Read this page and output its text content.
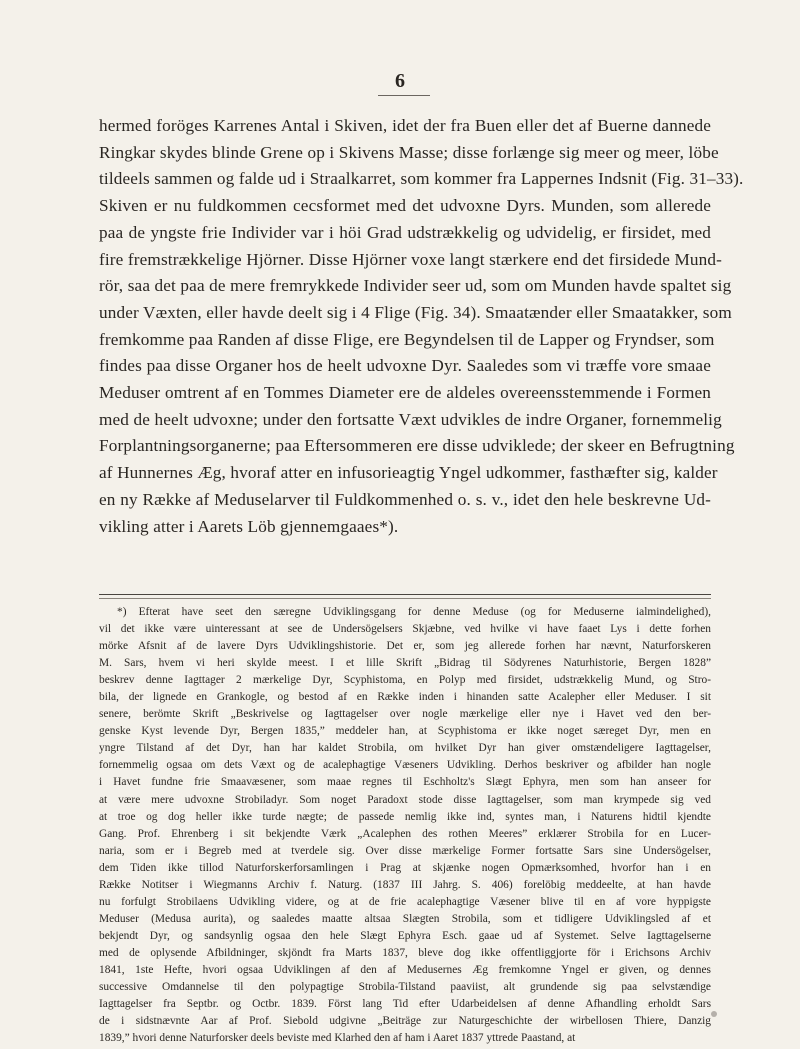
6
hermed foröges Karrenes Antal i Skiven, idet der fra Buen eller det af Buerne dannede
Ringkar skydes blinde Grene op i Skivens Masse; disse forlænge sig meer og meer, löbe
tildeels sammen og falde ud i Straalkarret, som kommer fra Lappernes Indsnit (Fig. 31–33).
Skiven er nu fuldkommen cecsformet med det udvoxne Dyrs. Munden, som allerede
paa de yngste frie Individer var i höi Grad udstrækkelig og udvidelig, er firsidet, med
fire fremstrækkelige Hjörner. Disse Hjörner voxe langt stærkere end det firsidede Mund-
rör, saa det paa de mere fremrykkede Individer seer ud, som om Munden havde spaltet sig
under Væxten, eller havde deelt sig i 4 Flige (Fig. 34). Smaatænder eller Smaatakker, som
fremkomme paa Randen af disse Flige, ere Begyndelsen til de Lapper og Fryndser, som
findes paa disse Organer hos de heelt udvoxne Dyr. Saaledes som vi træffe vore smaae
Meduser omtrent af en Tommes Diameter ere de aldeles overeensstemmende i Formen
med de heelt udvoxne; under den fortsatte Væxt udvikles de indre Organer, fornemmelig
Forplantningsorganerne; paa Eftersommeren ere disse udviklede; der skeer en Befrugtning
af Hunnernes Æg, hvoraf atter en infusorieagtig Yngel udkommer, fasthæfter sig, kalder
en ny Række af Meduselarver til Fuldkommenhed o. s. v., idet den hele beskrevne Ud-
vikling atter i Aarets Löb gjennemgaaes*).
*) Efterat have seet den særegne Udviklingsgang for denne Meduse (og for Meduserne ialmindelighed),
vil det ikke være uinteressant at see de Undersögelsers Skjæbne, ved hvilke vi have faaet Lys i dette forhen
mörke Afsnit af de lavere Dyrs Udviklingshistorie. Det er, som jeg allerede forhen har nævnt, Naturforskeren
M. Sars, hvem vi heri skylde meest. I et lille Skrift „Bidrag til Södyrenes Naturhistorie, Bergen 1828”
beskrev denne Iagttager 2 mærkelige Dyr, Scyphistoma, en Polyp med firsidet, udstrækkelig Mund, og Stro-
bila, der lignede en Grankogle, og bestod af en Række inden i hinanden satte Acalepher eller Meduser. I sit
senere, berömte Skrift „Beskrivelse og Iagttagelser over nogle mærkelige eller nye i Havet ved den ber-
genske Kyst levende Dyr, Bergen 1835,” meddeler han, at Scyphistoma er ikke noget særeget Dyr, men en
yngre Tilstand af det Dyr, han har kaldet Strobila, om hvilket Dyr han giver omstændeligere Iagttagelser,
fornemmelig ogsaa om dets Væxt og de acalephagtige Væseners Udvikling. Derhos beskriver og afbilder han nogle
i Havet fundne frie Smaavæsener, som maae regnes til Eschholtz's Slægt Ephyra, men som han anseer for
at være mere udvoxne Strobiladyr. Som noget Paradoxt stode disse Iagttagelser, som man krympede sig ved
at troe og dog heller ikke turde nægte; de passede nemlig ikke ind, syntes man, i Naturens hidtil kjendte
Gang. Prof. Ehrenberg i sit bekjendte Værk „Acalephen des rothen Meeres” erklærer Strobila for en Lucer-
naria, som er i Begreb med at tverdele sig. Over disse mærkelige Former fortsatte Sars sine Undersögelser,
dem Tiden ikke tillod Naturforskerforsamlingen i Prag at skjænke nogen Opmærksomhed, hvorfor han i en
Række Notitser i Wiegmanns Archiv f. Naturg. (1837 III Jahrg. S. 406) forelöbig meddeelte, at han havde
nu forfulgt Strobilaens Udvikling videre, og at de frie acalephagtige Væsener blive til en af vore hyppigste
Meduser (Medusa aurita), og saaledes maatte altsaa Slægten Strobila, som et tidligere Udviklingsled af et
bekjendt Dyr, og sandsynlig ogsaa den hele Slægt Ephyra Esch. gaae ud af Systemet. Selve Iagttagelserne
med de oplysende Afbildninger, skjöndt fra Marts 1837, bleve dog ikke offentliggjorte för i Erichsons Archiv
1841, 1ste Hefte, hvori ogsaa Udviklingen af den af Medusernes Æg fremkomne Yngel er given, og dennes
successive Omdannelse til den polypagtige Strobila-Tilstand paaviist, alt grundende sig paa selvstændige
Iagttagelser fra Septbr. og Octbr. 1839. Först lang Tid efter Udarbeidelsen af denne Afhandling erholdt Sars
de i sidstnævnte Aar af Prof. Siebold udgivne „Beiträge zur Naturgeschichte der wirbellosen Thiere, Danzig
1839,” hvori denne Naturforsker deels beviste med Klarhed den af ham i Aaret 1837 yttrede Paastand, at
